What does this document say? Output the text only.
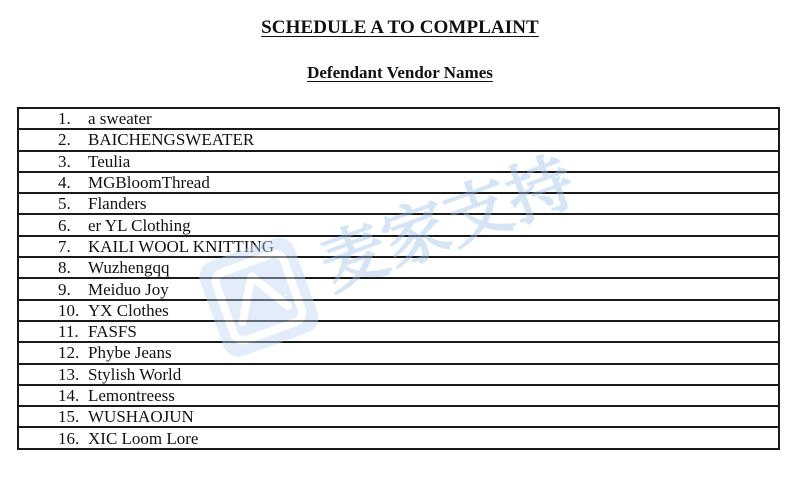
SCHEDULE A TO COMPLAINT
Defendant Vendor Names
1. a sweater
2. BAICHENGSWEATER
3. Teulia
4. MGBloomThread
5. Flanders
6. er YL Clothing
7. KAILI WOOL KNITTING
8. Wuzhengqq
9. Meiduo Joy
10. YX Clothes
11. FASFS
12. Phybe Jeans
13. Stylish World
14. Lemontreess
15. WUSHAOJUN
16. XIC Loom Lore
麦家支持
